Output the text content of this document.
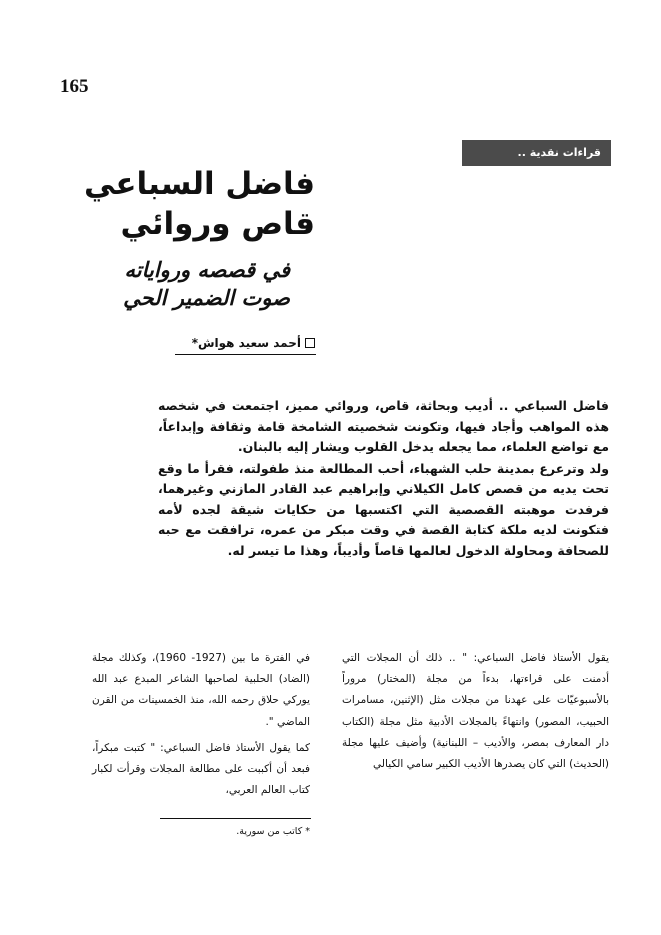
165
قراءات نقدية ..
فاضل السباعي
قاص وروائي
في قصصه ورواياته
صوت الضمير الحي
أحمد سعيد هواش*

فاضل السباعي .. أديب وبحاثة، قاص، وروائي مميز، اجتمعت في شخصه هذه المواهب وأجاد فيها، وتكونت شخصيته الشامخة قامة وثقافة وإبداعاً، مع تواضع العلماء، مما يجعله يدخل القلوب ويشار إليه بالبنان.

ولد وترعرع بمدينة حلب الشهباء، أحب المطالعة منذ طفولته، فقرأ ما وقع تحت يديه من قصص كامل الكيلاني وإبراهيم عبد القادر المازني وغيرهما، فرفدت موهبته القصصية التي اكتسبها من حكايات شيقة لجده لأمه فتكونت لديه ملكة كتابة القصة في وقت مبكر من عمره، ترافقت مع حبه للصحافة ومحاولة الدخول لعالمها قاصاً وأديباً، وهذا ما تيسر له.

يقول الأستاذ فاضل السباعي: " .. ذلك أن المجلات التي أدمنت على قراءتها، بدءاً من مجلة (المختار) مروراً بالأسبوعيّات على عهدنا من مجلات مثل (الإثنين، مسامرات الحبيب، المصور) وانتهاءً بالمجلات الأدبية مثل مجلة (الكتاب دار المعارف بمصر، والأديب – اللبنانية) وأضيف عليها مجلة (الحديث) التي كان يصدرها الأديب الكبير سامي الكيالي

في الفترة ما بين (1927- 1960)، وكذلك مجلة (الضاد) الحلبية لصاحبها الشاعر المبدع عبد الله يوركي حلاق رحمه الله، منذ الخمسينات من القرن الماضي ".

كما يقول الأستاذ فاضل السباعي: " كتبت مبكراً، فبعد أن أكببت على مطالعة المجلات وقرأت لكبار كتاب العالم العربي،

* كاتب من سورية.
